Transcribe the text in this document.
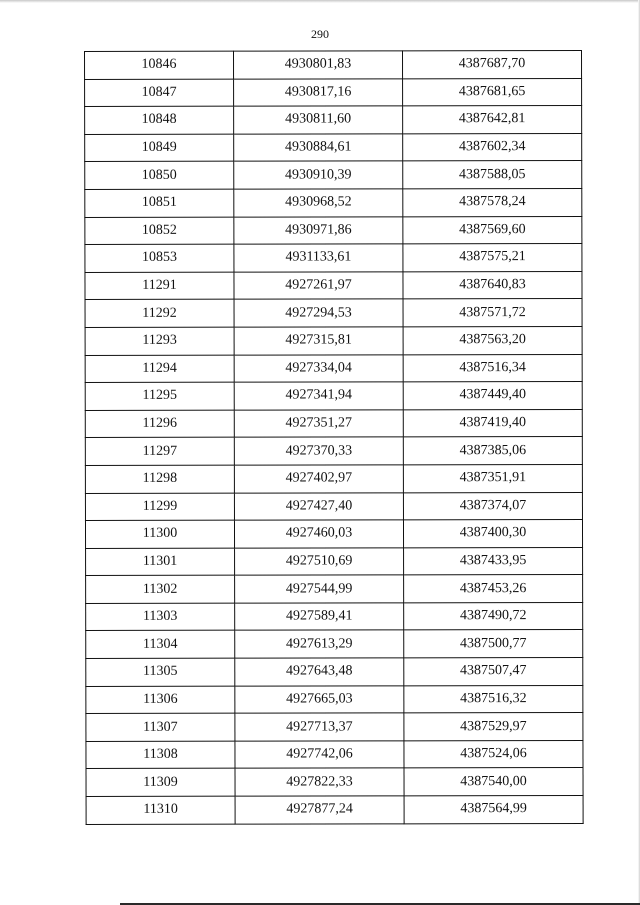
290
10846	4930801,83	4387687,70
10847	4930817,16	4387681,65
10848	4930811,60	4387642,81
10849	4930884,61	4387602,34
10850	4930910,39	4387588,05
10851	4930968,52	4387578,24
10852	4930971,86	4387569,60
10853	4931133,61	4387575,21
11291	4927261,97	4387640,83
11292	4927294,53	4387571,72
11293	4927315,81	4387563,20
11294	4927334,04	4387516,34
11295	4927341,94	4387449,40
11296	4927351,27	4387419,40
11297	4927370,33	4387385,06
11298	4927402,97	4387351,91
11299	4927427,40	4387374,07
11300	4927460,03	4387400,30
11301	4927510,69	4387433,95
11302	4927544,99	4387453,26
11303	4927589,41	4387490,72
11304	4927613,29	4387500,77
11305	4927643,48	4387507,47
11306	4927665,03	4387516,32
11307	4927713,37	4387529,97
11308	4927742,06	4387524,06
11309	4927822,33	4387540,00
11310	4927877,24	4387564,99
